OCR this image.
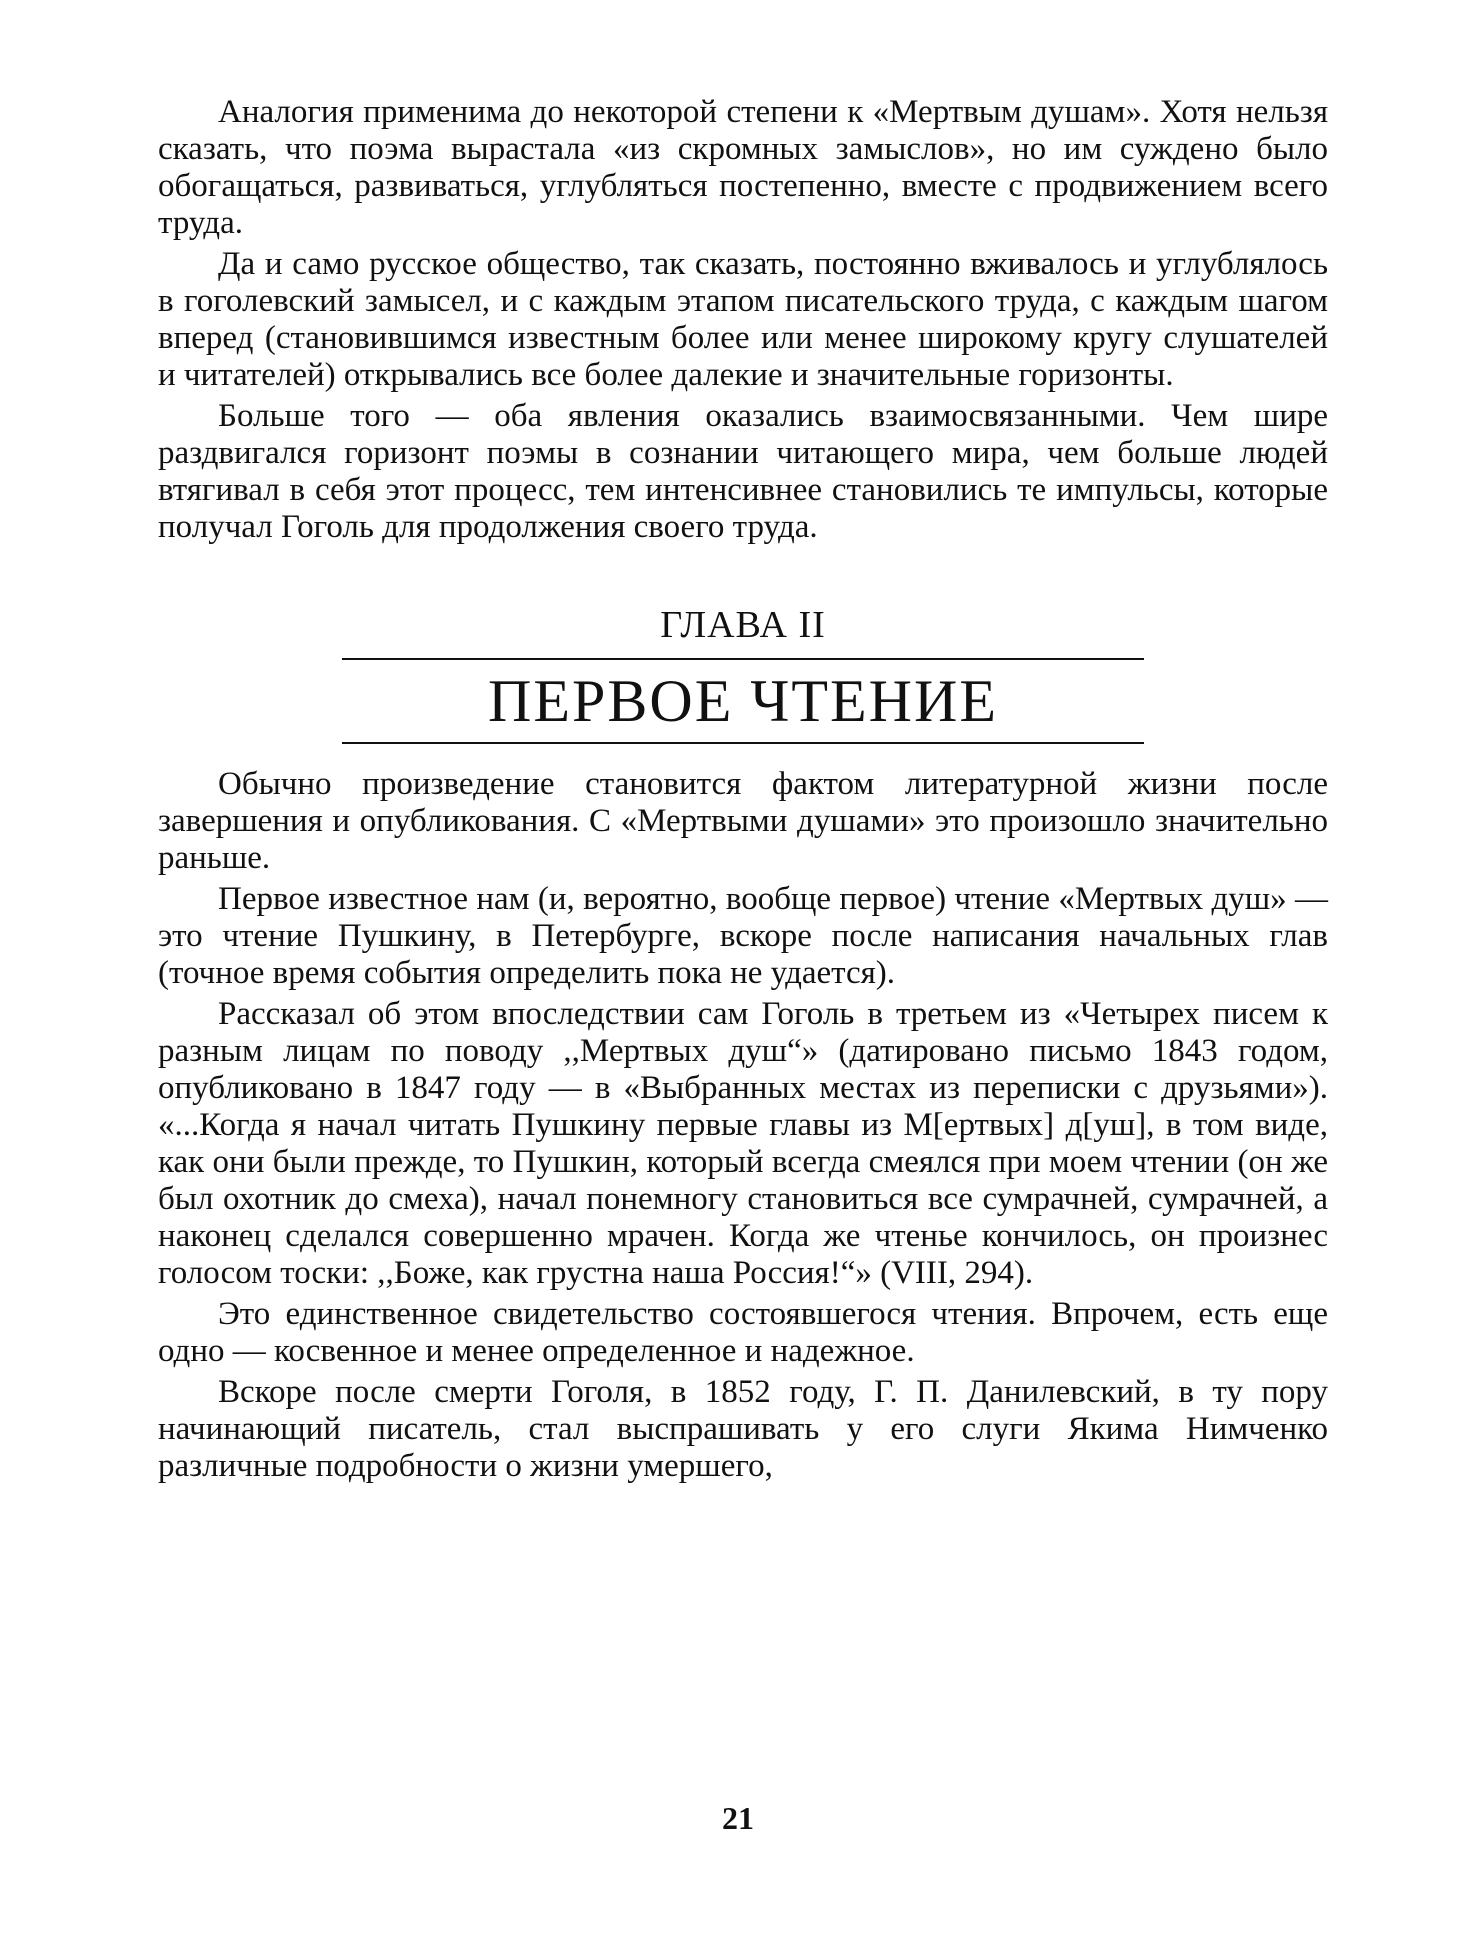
Аналогия применима до некоторой степени к «Мертвым душам». Хотя нельзя сказать, что поэма вырастала «из скромных замыслов», но им суждено было обогащаться, развиваться, углубляться постепенно, вместе с продвижением всего труда.

Да и само русское общество, так сказать, постоянно вживалось и углублялось в гоголевский замысел, и с каждым этапом писательского труда, с каждым шагом вперед (становившимся известным более или менее широкому кругу слушателей и читателей) открывались все более далекие и значительные горизонты.

Больше того — оба явления оказались взаимосвязанными. Чем шире раздвигался горизонт поэмы в сознании читающего мира, чем больше людей втягивал в себя этот процесс, тем интенсивнее становились те импульсы, которые получал Гоголь для продолжения своего труда.

ГЛАВА II
ПЕРВОЕ ЧТЕНИЕ

Обычно произведение становится фактом литературной жизни после завершения и опубликования. С «Мертвыми душами» это произошло значительно раньше.

Первое известное нам (и, вероятно, вообще первое) чтение «Мертвых душ» — это чтение Пушкину, в Петербурге, вскоре после написания начальных глав (точное время события определить пока не удается).

Рассказал об этом впоследствии сам Гоголь в третьем из «Четырех писем к разным лицам по поводу ,,Мертвых душ“» (датировано письмо 1843 годом, опубликовано в 1847 году — в «Выбранных местах из переписки с друзьями»). «...Когда я начал читать Пушкину первые главы из М[ертвых] д[уш], в том виде, как они были прежде, то Пушкин, который всегда смеялся при моем чтении (он же был охотник до смеха), начал понемногу становиться все сумрачней, сумрачней, а наконец сделался совершенно мрачен. Когда же чтенье кончилось, он произнес голосом тоски: ,,Боже, как грустна наша Россия!“» (VIII, 294).

Это единственное свидетельство состоявшегося чтения. Впрочем, есть еще одно — косвенное и менее определенное и надежное.

Вскоре после смерти Гоголя, в 1852 году, Г. П. Данилевский, в ту пору начинающий писатель, стал выспрашивать у его слуги Якима Нимченко различные подробности о жизни умершего,

21
